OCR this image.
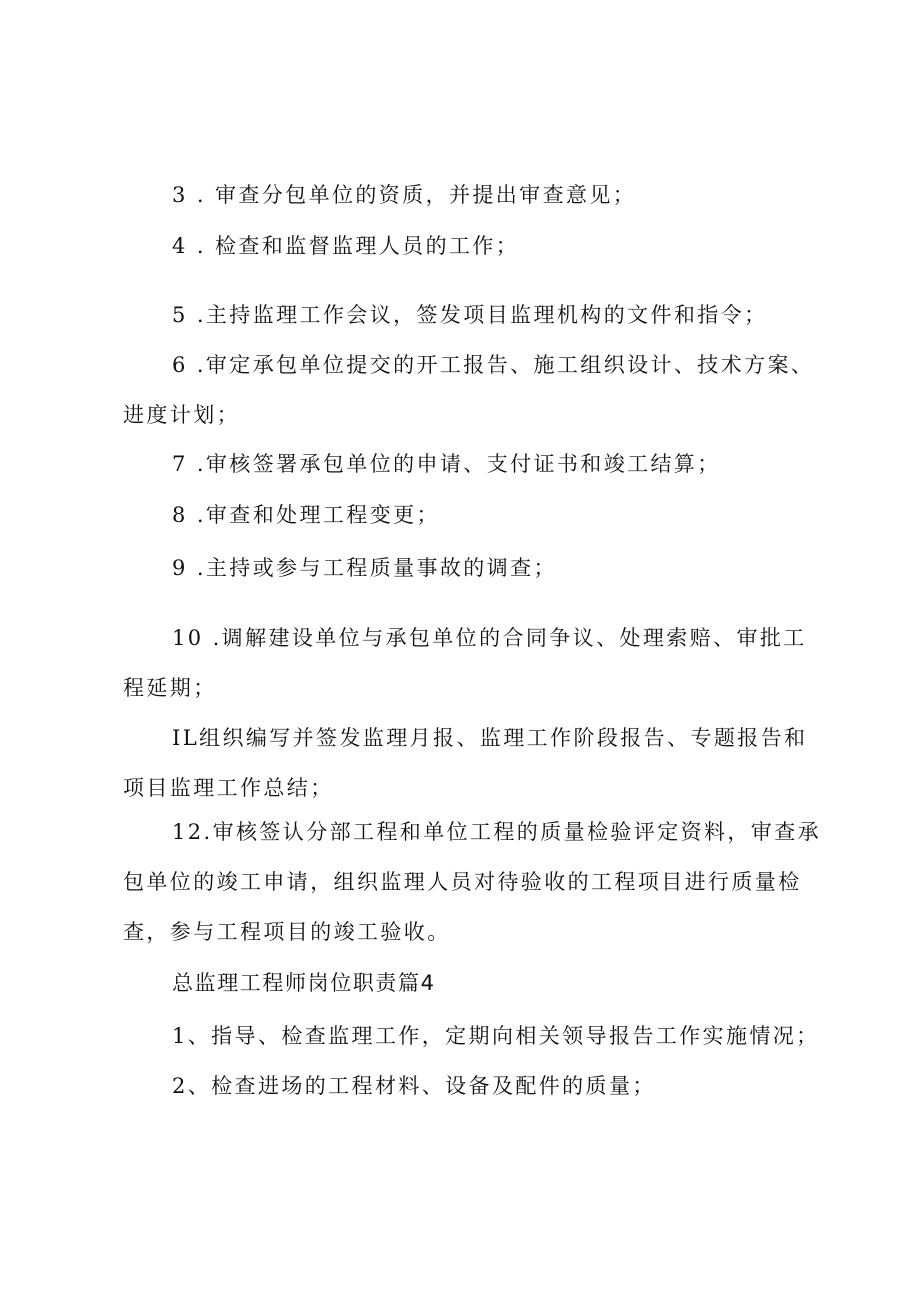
3 . 审查分包单位的资质，并提出审查意见；

4 . 检查和监督监理人员的工作；

5 .主持监理工作会议，签发项目监理机构的文件和指令；

6 .审定承包单位提交的开工报告、施工组织设计、技术方案、进度计划；

7 .审核签署承包单位的申请、支付证书和竣工结算；

8 .审查和处理工程变更；

9 .主持或参与工程质量事故的调查；

10 .调解建设单位与承包单位的合同争议、处理索赔、审批工程延期；

IL组织编写并签发监理月报、监理工作阶段报告、专题报告和项目监理工作总结；

12.审核签认分部工程和单位工程的质量检验评定资料，审查承包单位的竣工申请，组织监理人员对待验收的工程项目进行质量检查，参与工程项目的竣工验收。

总监理工程师岗位职责篇4

1、指导、检查监理工作，定期向相关领导报告工作实施情况；

2、检查进场的工程材料、设备及配件的质量；
